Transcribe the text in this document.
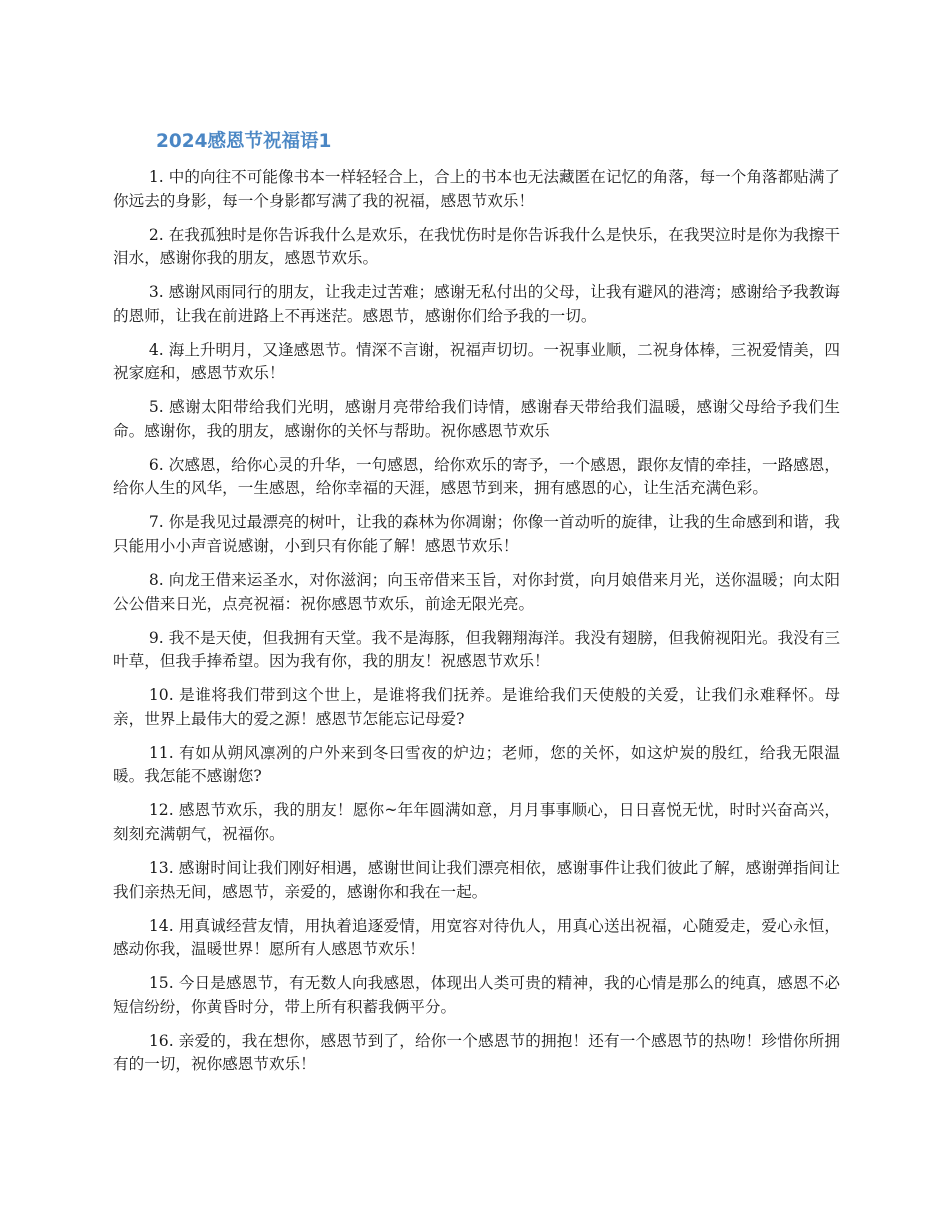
2024感恩节祝福语1

1. 中的向往不可能像书本一样轻轻合上，合上的书本也无法藏匿在记忆的角落，每一个角落都贴满了你远去的身影，每一个身影都写满了我的祝福，感恩节欢乐！

2. 在我孤独时是你告诉我什么是欢乐，在我忧伤时是你告诉我什么是快乐，在我哭泣时是你为我擦干泪水，感谢你我的朋友，感恩节欢乐。

3. 感谢风雨同行的朋友，让我走过苦难；感谢无私付出的父母，让我有避风的港湾；感谢给予我教诲的恩师，让我在前进路上不再迷茫。感恩节，感谢你们给予我的一切。

4. 海上升明月，又逢感恩节。情深不言谢，祝福声切切。一祝事业顺，二祝身体棒，三祝爱情美，四祝家庭和，感恩节欢乐！

5. 感谢太阳带给我们光明，感谢月亮带给我们诗情，感谢春天带给我们温暖，感谢父母给予我们生命。感谢你，我的朋友，感谢你的关怀与帮助。祝你感恩节欢乐

6. 次感恩，给你心灵的升华，一句感恩，给你欢乐的寄予，一个感恩，跟你友情的牵挂，一路感恩，给你人生的风华，一生感恩，给你幸福的天涯，感恩节到来，拥有感恩的心，让生活充满色彩。

7. 你是我见过最漂亮的树叶，让我的森林为你凋谢；你像一首动听的旋律，让我的生命感到和谐，我只能用小小声音说感谢，小到只有你能了解！感恩节欢乐！

8. 向龙王借来运圣水，对你滋润；向玉帝借来玉旨，对你封赏，向月娘借来月光，送你温暖；向太阳公公借来日光，点亮祝福：祝你感恩节欢乐，前途无限光亮。

9. 我不是天使，但我拥有天堂。我不是海豚，但我翱翔海洋。我没有翅膀，但我俯视阳光。我没有三叶草，但我手捧希望。因为我有你，我的朋友！祝感恩节欢乐！

10. 是谁将我们带到这个世上，是谁将我们抚养。是谁给我们天使般的关爱，让我们永难释怀。母亲，世界上最伟大的爱之源！感恩节怎能忘记母爱?

11. 有如从朔风凛冽的户外来到冬曰雪夜的炉边；老师，您的关怀，如这炉炭的殷红，给我无限温暖。我怎能不感谢您?

12. 感恩节欢乐，我的朋友！愿你~年年圆满如意，月月事事顺心，日日喜悦无忧，时时兴奋高兴，刻刻充满朝气，祝福你。

13. 感谢时间让我们刚好相遇，感谢世间让我们漂亮相依，感谢事件让我们彼此了解，感谢弹指间让我们亲热无间，感恩节，亲爱的，感谢你和我在一起。

14. 用真诚经营友情，用执着追逐爱情，用宽容对待仇人，用真心送出祝福，心随爱走，爱心永恒，感动你我，温暖世界！愿所有人感恩节欢乐！

15. 今日是感恩节，有无数人向我感恩，体现出人类可贵的精神，我的心情是那么的纯真，感恩不必短信纷纷，你黄昏时分，带上所有积蓄我俩平分。

16. 亲爱的，我在想你，感恩节到了，给你一个感恩节的拥抱！还有一个感恩节的热吻！珍惜你所拥有的一切，祝你感恩节欢乐！
